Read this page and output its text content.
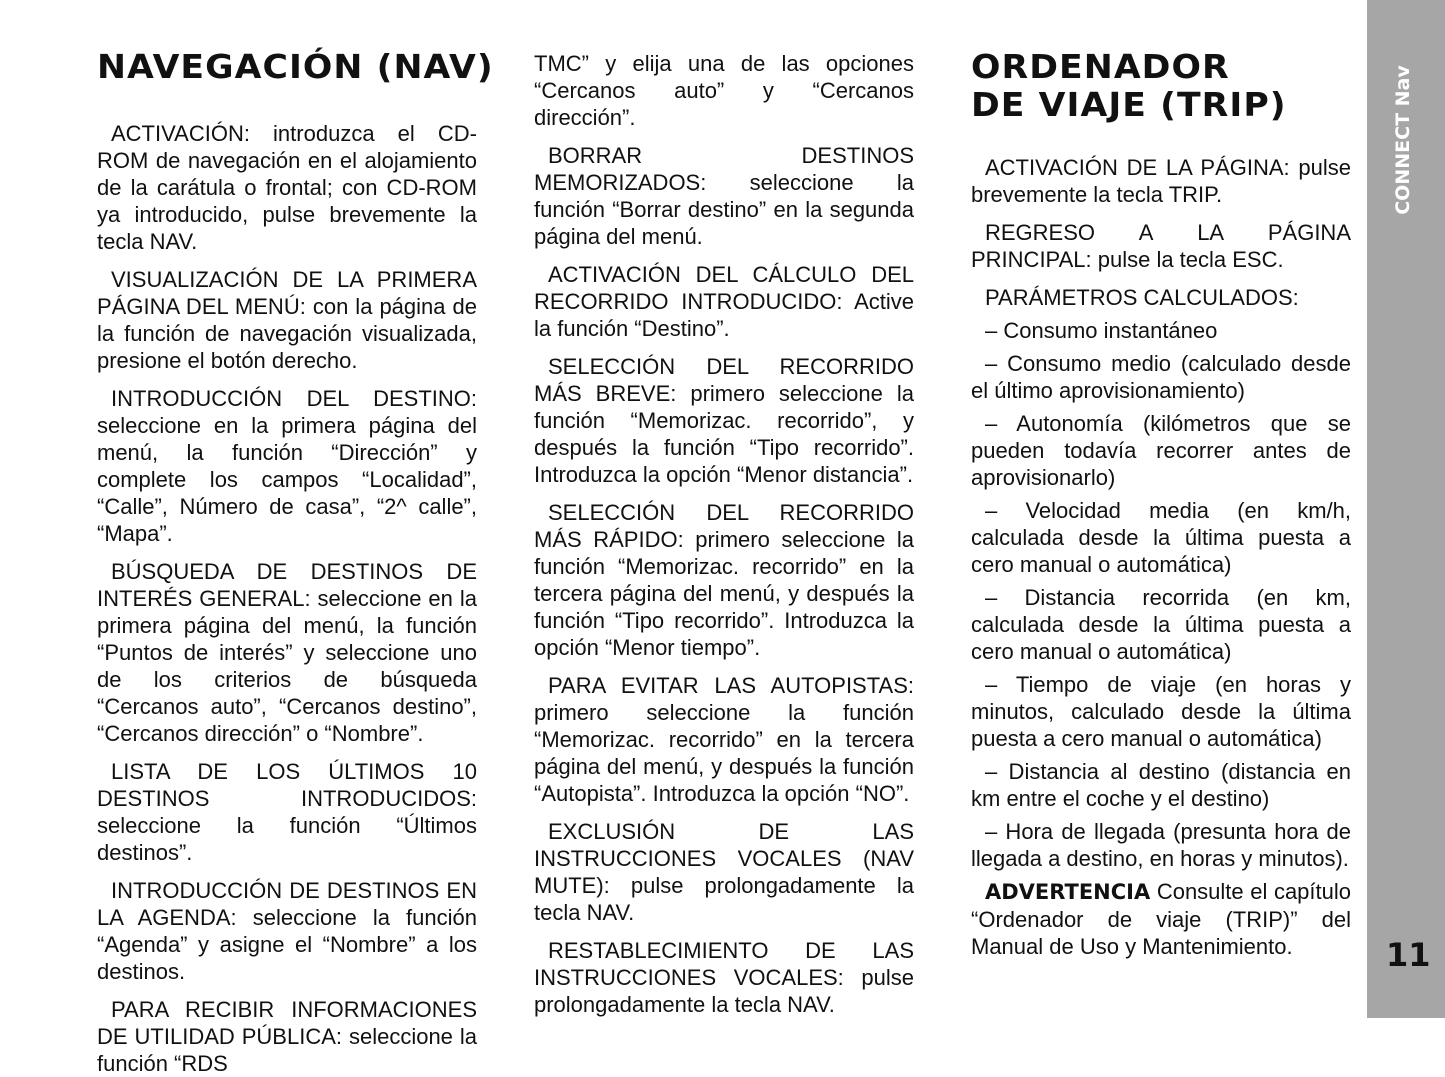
NAVEGACIÓN (NAV)

ACTIVACIÓN: introduzca el CD-ROM de navegación en el alojamiento de la carátula o frontal; con CD-ROM ya introducido, pulse brevemente la tecla NAV.

VISUALIZACIÓN DE LA PRIMERA PÁGINA DEL MENÚ: con la página de la función de navegación visualizada, presione el botón derecho.

INTRODUCCIÓN DEL DESTINO: seleccione en la primera página del menú, la función “Dirección” y complete los campos “Localidad”, “Calle”, Número de casa”, “2^ calle”, “Mapa”.

BÚSQUEDA DE DESTINOS DE INTERÉS GENERAL: seleccione en la primera página del menú, la función “Puntos de interés” y seleccione uno de los criterios de búsqueda “Cercanos auto”, “Cercanos destino”, “Cercanos dirección” o “Nombre”.

LISTA DE LOS ÚLTIMOS 10 DESTINOS INTRODUCIDOS: seleccione la función “Últimos destinos”.

INTRODUCCIÓN DE DESTINOS EN LA AGENDA: seleccione la función “Agenda” y asigne el “Nombre” a los destinos.

PARA RECIBIR INFORMACIONES DE UTILIDAD PÚBLICA: seleccione la función “RDS

TMC” y elija una de las opciones “Cercanos auto” y “Cercanos dirección”.

BORRAR DESTINOS MEMORIZADOS: seleccione la función “Borrar destino” en la segunda página del menú.

ACTIVACIÓN DEL CÁLCULO DEL RECORRIDO INTRODUCIDO: Active la función “Destino”.

SELECCIÓN DEL RECORRIDO MÁS BREVE: primero seleccione la función “Memorizac. recorrido”, y después la función “Tipo recorrido”. Introduzca la opción “Menor distancia”.

SELECCIÓN DEL RECORRIDO MÁS RÁPIDO: primero seleccione la función “Memorizac. recorrido” en la tercera página del menú, y después la función “Tipo recorrido”. Introduzca la opción “Menor tiempo”.

PARA EVITAR LAS AUTOPISTAS: primero seleccione la función “Memorizac. recorrido” en la tercera página del menú, y después la función “Autopista”. Introduzca la opción “NO”.

EXCLUSIÓN DE LAS INSTRUCCIONES VOCALES (NAV MUTE): pulse prolongadamente la tecla NAV.

RESTABLECIMIENTO DE LAS INSTRUCCIONES VOCALES: pulse prolongadamente la tecla NAV.

ORDENADOR
DE VIAJE (TRIP)

ACTIVACIÓN DE LA PÁGINA: pulse brevemente la tecla TRIP.

REGRESO A LA PÁGINA PRINCIPAL: pulse la tecla ESC.

PARÁMETROS CALCULADOS:

– Consumo instantáneo

– Consumo medio (calculado desde el último aprovisionamiento)

– Autonomía (kilómetros que se pueden todavía recorrer antes de aprovisionarlo)

– Velocidad media (en km/h, calculada desde la última puesta a cero manual o automática)

– Distancia recorrida (en km, calculada desde la última puesta a cero manual o automática)

– Tiempo de viaje (en horas y minutos, calculado desde la última puesta a cero manual o automática)

– Distancia al destino (distancia en km entre el coche y el destino)

– Hora de llegada (presunta hora de llegada a destino, en horas y minutos).

ADVERTENCIA Consulte el capítulo “Ordenador de viaje (TRIP)” del Manual de Uso y Mantenimiento.

CONNECT Nav
11
